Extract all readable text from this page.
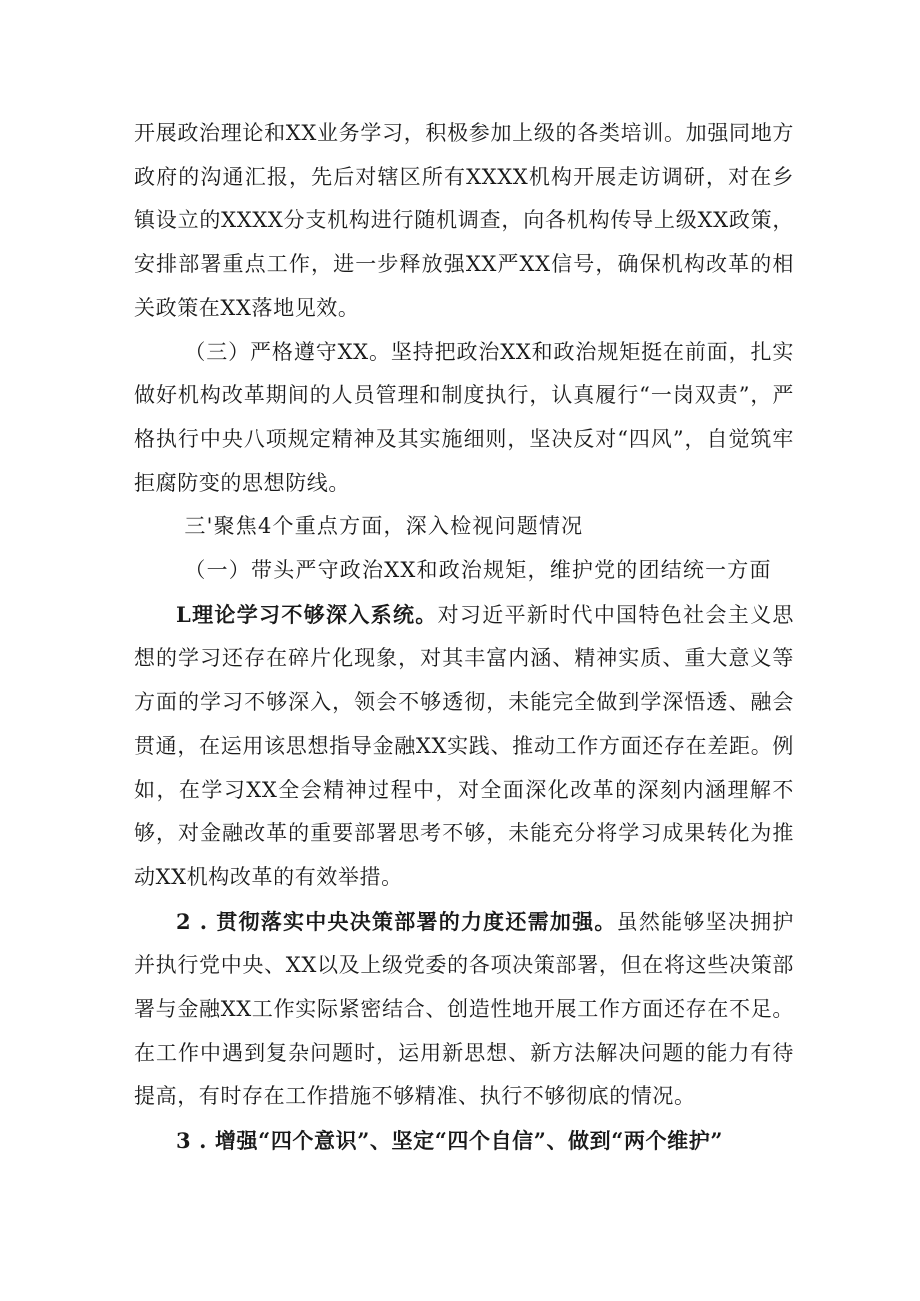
开展政治理论和XX业务学习，积极参加上级的各类培训。加强同地方政府的沟通汇报，先后对辖区所有XXXX机构开展走访调研，对在乡镇设立的XXXX分支机构进行随机调查，向各机构传导上级XX政策，安排部署重点工作，进一步释放强XX严XX信号，确保机构改革的相关政策在XX落地见效。

（三）严格遵守XX。坚持把政治XX和政治规矩挺在前面，扎实做好机构改革期间的人员管理和制度执行，认真履行“一岗双责”，严格执行中央八项规定精神及其实施细则，坚决反对“四风”，自觉筑牢拒腐防变的思想防线。

三'聚焦4个重点方面，深入检视问题情况

（一）带头严守政治XX和政治规矩，维护党的团结统一方面

L理论学习不够深入系统。对习近平新时代中国特色社会主义思想的学习还存在碎片化现象，对其丰富内涵、精神实质、重大意义等方面的学习不够深入，领会不够透彻，未能完全做到学深悟透、融会贯通，在运用该思想指导金融XX实践、推动工作方面还存在差距。例如，在学习XX全会精神过程中，对全面深化改革的深刻内涵理解不够，对金融改革的重要部署思考不够，未能充分将学习成果转化为推动XX机构改革的有效举措。

2 . 贯彻落实中央决策部署的力度还需加强。虽然能够坚决拥护并执行党中央、XX以及上级党委的各项决策部署，但在将这些决策部署与金融XX工作实际紧密结合、创造性地开展工作方面还存在不足。在工作中遇到复杂问题时，运用新思想、新方法解决问题的能力有待提高，有时存在工作措施不够精准、执行不够彻底的情况。

3 . 增强“四个意识”、坚定“四个自信”、做到“两个维护”
